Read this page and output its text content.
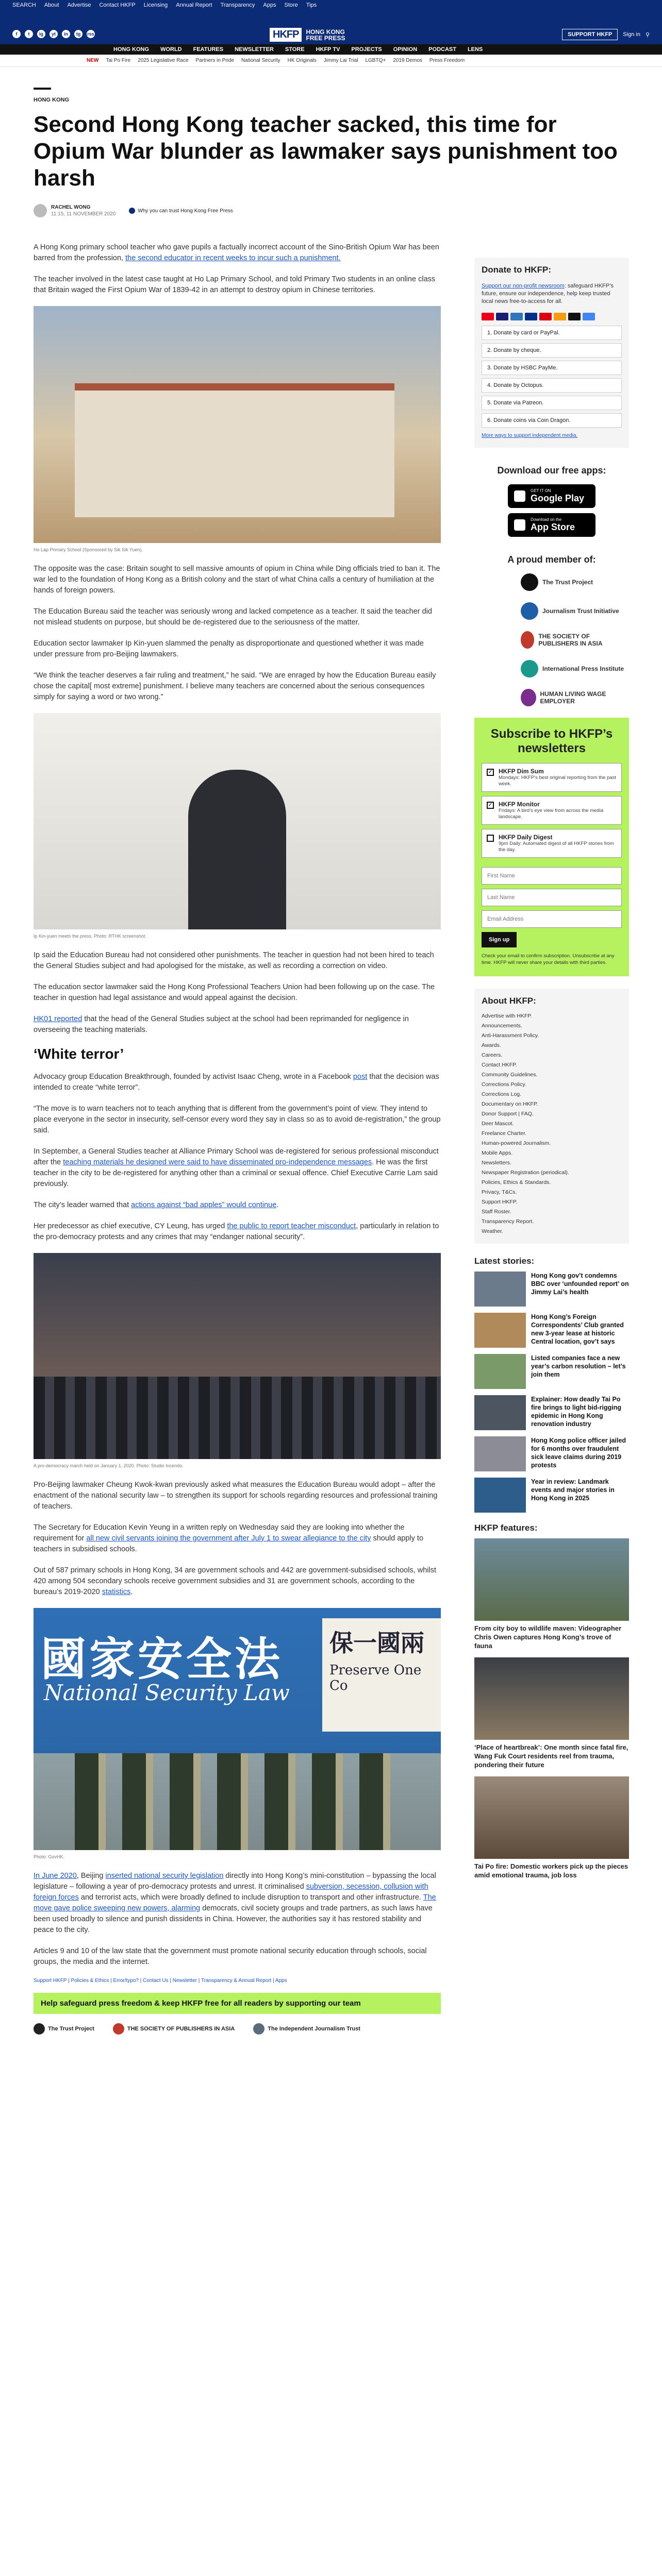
SEARCH About Advertise Contact HKFP Licensing Annual Report Transparency Apps Store Tips
f	t	ig	yt	in	tg	rss	HKFP	HONG KONG
FREE PRESS	SUPPORT HKFP	Sign in ⚲
HONG KONG WORLD FEATURES NEWSLETTER STORE HKFP TV PROJECTS OPINION PODCAST LENS
NEW Tai Po Fire 2025 Legislative Race Partners in Pride National Security HK Originals Jimmy Lai Trial LGBTQ+ 2019 Demos Press Freedom
HONG KONG
Second Hong Kong teacher sacked, this time for Opium War blunder as lawmaker says punishment too harsh
RACHEL WONG
11:15, 11 NOVEMBER 2020
Why you can trust Hong Kong Free Press

A Hong Kong primary school teacher who gave pupils a factually incorrect account of the Sino-British Opium War has been barred from the profession, the second educator in recent weeks to incur such a punishment.

The teacher involved in the latest case taught at Ho Lap Primary School, and told Primary Two students in an online class that Britain waged the First Opium War of 1839-42 in an attempt to destroy opium in Chinese territories.

Ho Lap Primary School (Sponsored by Sik Sik Yuen).

The opposite was the case: Britain sought to sell massive amounts of opium in China while Ding officials tried to ban it. The war led to the foundation of Hong Kong as a British colony and the start of what China calls a century of humiliation at the hands of foreign powers.

The Education Bureau said the teacher was seriously wrong and lacked competence as a teacher. It said the teacher did not mislead students on purpose, but should be de-registered due to the seriousness of the matter.

Education sector lawmaker Ip Kin-yuen slammed the penalty as disproportionate and questioned whether it was made under pressure from pro-Beijing lawmakers.

“We think the teacher deserves a fair ruling and treatment,” he said. “We are enraged by how the Education Bureau easily chose the capital[ most extreme] punishment. I believe many teachers are concerned about the serious consequences simply for saying a word or two wrong.”

Ip Kin-yuen meets the press. Photo: RTHK screenshot.

Ip said the Education Bureau had not considered other punishments. The teacher in question had not been hired to teach the General Studies subject and had apologised for the mistake, as well as recording a correction on video.

The education sector lawmaker said the Hong Kong Professional Teachers Union had been following up on the case. The teacher in question had legal assistance and would appeal against the decision.

HK01 reported that the head of the General Studies subject at the school had been reprimanded for negligence in overseeing the teaching materials.

‘White terror’

Advocacy group Education Breakthrough, founded by activist Isaac Cheng, wrote in a Facebook post that the decision was intended to create “white terror”.

“The move is to warn teachers not to teach anything that is different from the government’s point of view. They intend to place everyone in the sector in insecurity, self-censor every word they say in class so as to avoid de-registration,” the group said.

In September, a General Studies teacher at Alliance Primary School was de-registered for serious professional misconduct after the teaching materials he designed were said to have disseminated pro-independence messages. He was the first teacher in the city to be de-registered for anything other than a criminal or sexual offence. Chief Executive Carrie Lam said previously.

The city’s leader warned that actions against “bad apples” would continue.

Her predecessor as chief executive, CY Leung, has urged the public to report teacher misconduct, particularly in relation to the pro-democracy protests and any crimes that may “endanger national security”.

A pro-democracy march held on January 1, 2020. Photo: Studio Incendo.

Pro-Beijing lawmaker Cheung Kwok-kwan previously asked what measures the Education Bureau would adopt – after the enactment of the national security law – to strengthen its support for schools regarding resources and professional training of teachers.

The Secretary for Education Kevin Yeung in a written reply on Wednesday said they are looking into whether the requirement for all new civil servants joining the government after July 1 to swear allegiance to the city should apply to teachers in subsidised schools.

Out of 587 primary schools in Hong Kong, 34 are government schools and 442 are government-subsidised schools, whilst 420 among 504 secondary schools receive government subsidies and 31 are government schools, according to the bureau’s 2019-2020 statistics.

國家安全法 保一國兩
Preserve One Co
National Security Law
Photo: GovHK.

In June 2020, Beijing inserted national security legislation directly into Hong Kong’s mini-constitution – bypassing the local legislature – following a year of pro-democracy protests and unrest. It criminalised subversion, secession, collusion with foreign forces and terrorist acts, which were broadly defined to include disruption to transport and other infrastructure. The move gave police sweeping new powers, alarming democrats, civil society groups and trade partners, as such laws have been used broadly to silence and punish dissidents in China. However, the authorities say it has restored stability and peace to the city.

Articles 9 and 10 of the law state that the government must promote national security education through schools, social groups, the media and the internet.

Support HKFP | Policies & Ethics | Error/typo? | Contact Us | Newsletter | Transparency & Annual Report | Apps
Help safeguard press freedom & keep HKFP free for all readers by supporting our team
The Trust Project	THE SOCIETY OF PUBLISHERS IN ASIA	The Independent Journalism Trust
Donate to HKFP:

Support our non-profit newsroom: safeguard HKFP’s future, ensure our independence, help keep trusted local news free-to-access for all.

1. Donate by card or PayPal.
2. Donate by cheque.
3. Donate by HSBC PayMe.
4. Donate by Octopus.
5. Donate via Patreon.
6. Donate coins via Coin Dragon.
More ways to support independent media.
Download our free apps:
GET IT ON
Google Play
Download on the
App Store
A proud member of:
The Trust Project
Journalism Trust Initiative
THE SOCIETY OF PUBLISHERS IN ASIA
International Press Institute
HUMAN LIVING WAGE EMPLOYER
Subscribe to HKFP’s newsletters
✓ HKFP Dim Sum
Mondays: HKFP’s best original reporting from the past week.
✓ HKFP Monitor
Fridays: A bird’s eye view from across the media landscape.
HKFP Daily Digest
9pm Daily: Automated digest of all HKFP stories from the day.
First Name
Last Name
Email Address
Sign up
Check your email to confirm subscription. Unsubscribe at any time. HKFP will never share your details with third parties.
About HKFP:
Advertise with HKFP.
Announcements.
Anti-Harassment Policy.
Awards.
Careers.
Contact HKFP.
Community Guidelines.
Corrections Policy.
Corrections Log.
Documentary on HKFP.
Donor Support | FAQ.
Deer Mascot.
Freelance Charter.
Human-powered Journalism.
Mobile Apps.
Newsletters.
Newspaper Registration (periodical).
Policies, Ethics & Standards.
Privacy, T&Cs.
Support HKFP.
Staff Roster.
Transparency Report.
Weather.
Latest stories:
Hong Kong gov’t condemns BBC over ‘unfounded report’ on Jimmy Lai’s health
Hong Kong’s Foreign Correspondents’ Club granted new 3-year lease at historic Central location, gov’t says
Listed companies face a new year’s carbon resolution – let’s join them
Explainer: How deadly Tai Po fire brings to light bid-rigging epidemic in Hong Kong renovation industry
Hong Kong police officer jailed for 6 months over fraudulent sick leave claims during 2019 protests
Year in review: Landmark events and major stories in Hong Kong in 2025
HKFP features:
From city boy to wildlife maven: Videographer Chris Owen captures Hong Kong’s trove of fauna
‘Place of heartbreak’: One month since fatal fire, Wang Fuk Court residents reel from trauma, pondering their future
Tai Po fire: Domestic workers pick up the pieces amid emotional trauma, job loss
